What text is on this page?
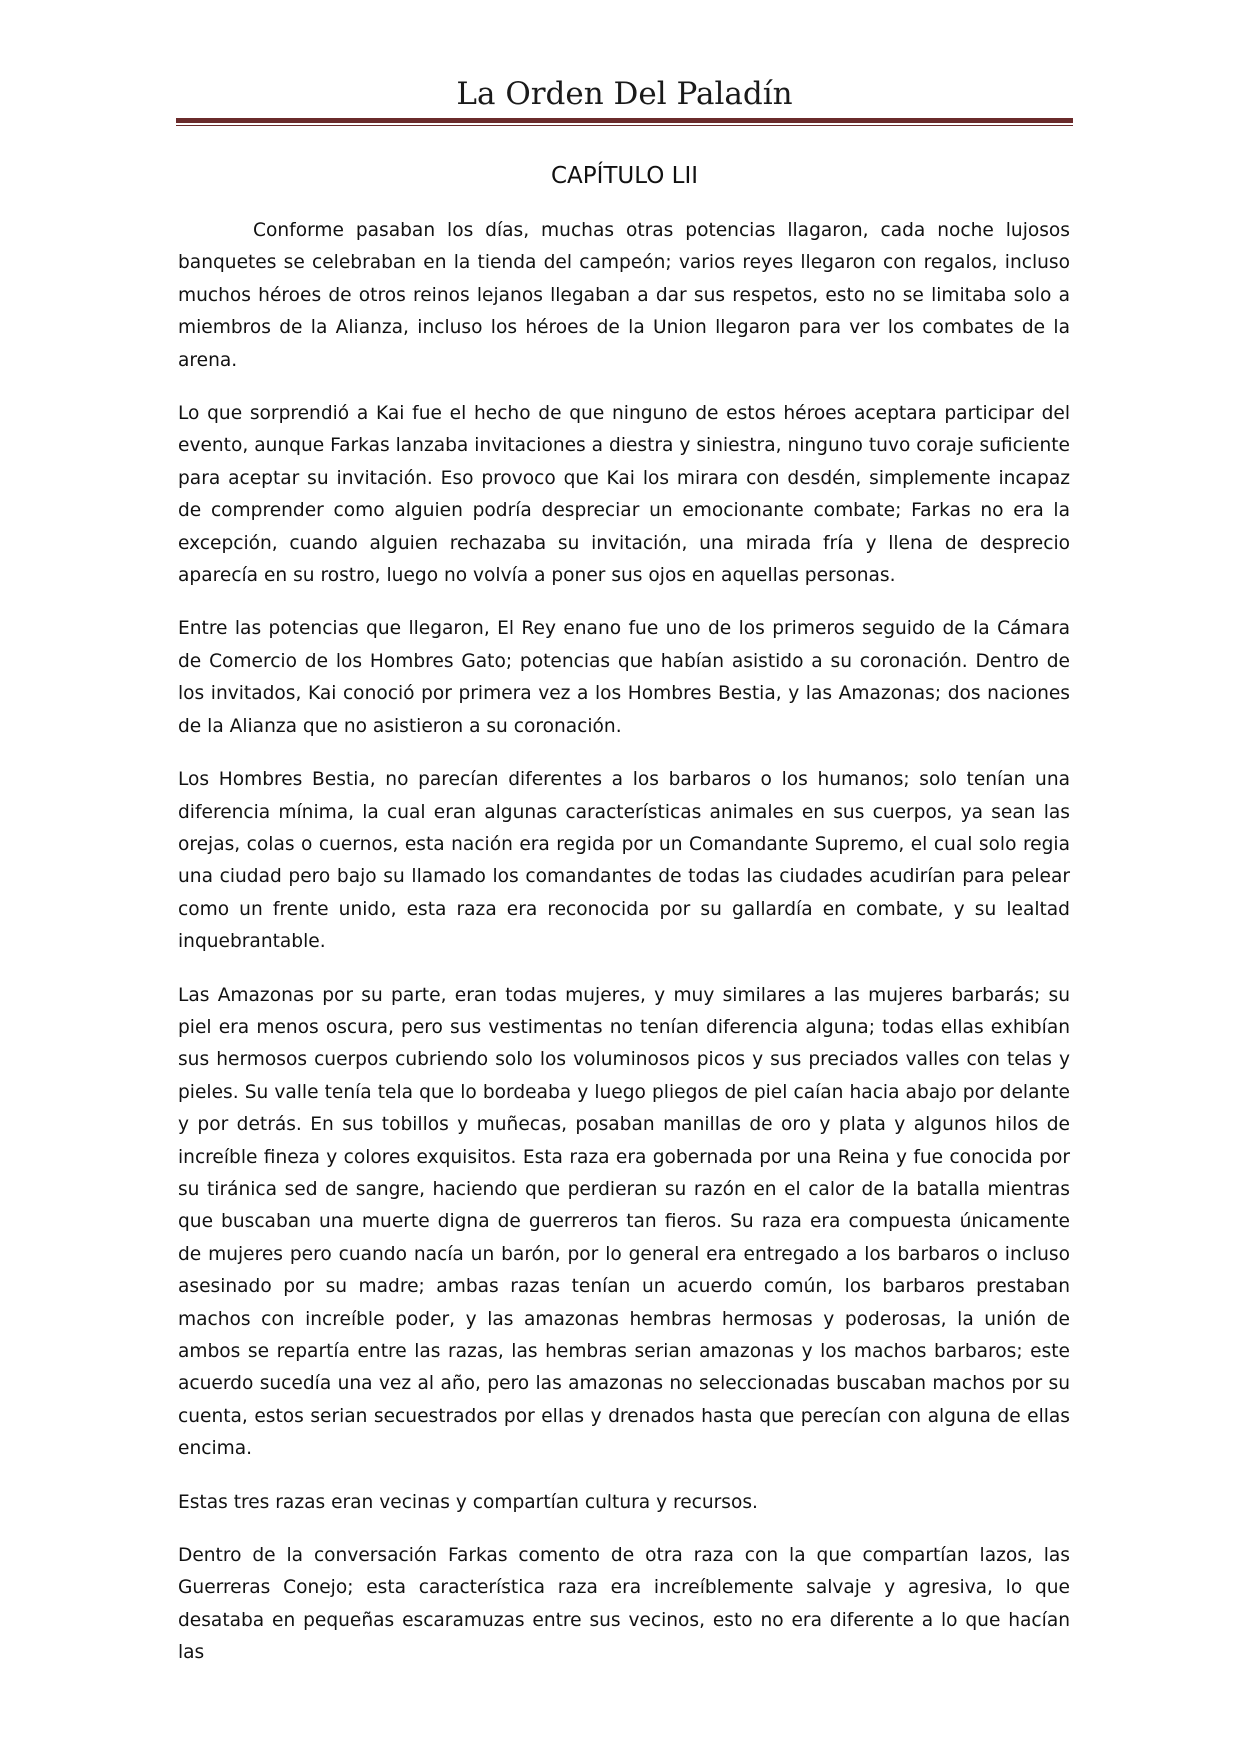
La Orden Del Paladín
CAPÍTULO LII

Conforme pasaban los días, muchas otras potencias llagaron, cada noche lujosos banquetes se celebraban en la tienda del campeón; varios reyes llegaron con regalos, incluso muchos héroes de otros reinos lejanos llegaban a dar sus respetos, esto no se limitaba solo a miembros de la Alianza, incluso los héroes de la Union llegaron para ver los combates de la arena.

Lo que sorprendió a Kai fue el hecho de que ninguno de estos héroes aceptara participar del evento, aunque Farkas lanzaba invitaciones a diestra y siniestra, ninguno tuvo coraje suficiente para aceptar su invitación. Eso provoco que Kai los mirara con desdén, simplemente incapaz de comprender como alguien podría despreciar un emocionante combate; Farkas no era la excepción, cuando alguien rechazaba su invitación, una mirada fría y llena de desprecio aparecía en su rostro, luego no volvía a poner sus ojos en aquellas personas.

Entre las potencias que llegaron, El Rey enano fue uno de los primeros seguido de la Cámara de Comercio de los Hombres Gato; potencias que habían asistido a su coronación. Dentro de los invitados, Kai conoció por primera vez a los Hombres Bestia, y las Amazonas; dos naciones de la Alianza que no asistieron a su coronación.

Los Hombres Bestia, no parecían diferentes a los barbaros o los humanos; solo tenían una diferencia mínima, la cual eran algunas características animales en sus cuerpos, ya sean las orejas, colas o cuernos, esta nación era regida por un Comandante Supremo, el cual solo regia una ciudad pero bajo su llamado los comandantes de todas las ciudades acudirían para pelear como un frente unido, esta raza era reconocida por su gallardía en combate, y su lealtad inquebrantable.

Las Amazonas por su parte, eran todas mujeres, y muy similares a las mujeres barbarás; su piel era menos oscura, pero sus vestimentas no tenían diferencia alguna; todas ellas exhibían sus hermosos cuerpos cubriendo solo los voluminosos picos y sus preciados valles con telas y pieles. Su valle tenía tela que lo bordeaba y luego pliegos de piel caían hacia abajo por delante y por detrás. En sus tobillos y muñecas, posaban manillas de oro y plata y algunos hilos de increíble fineza y colores exquisitos. Esta raza era gobernada por una Reina y fue conocida por su tiránica sed de sangre, haciendo que perdieran su razón en el calor de la batalla mientras que buscaban una muerte digna de guerreros tan fieros. Su raza era compuesta únicamente de mujeres pero cuando nacía un barón, por lo general era entregado a los barbaros o incluso asesinado por su madre; ambas razas tenían un acuerdo común, los barbaros prestaban machos con increíble poder, y las amazonas hembras hermosas y poderosas, la unión de ambos se repartía entre las razas, las hembras serian amazonas y los machos barbaros; este acuerdo sucedía una vez al año, pero las amazonas no seleccionadas buscaban machos por su cuenta, estos serian secuestrados por ellas y drenados hasta que perecían con alguna de ellas encima.

Estas tres razas eran vecinas y compartían cultura y recursos.

Dentro de la conversación Farkas comento de otra raza con la que compartían lazos, las Guerreras Conejo; esta característica raza era increíblemente salvaje y agresiva, lo que desataba en pequeñas escaramuzas entre sus vecinos, esto no era diferente a lo que hacían las
